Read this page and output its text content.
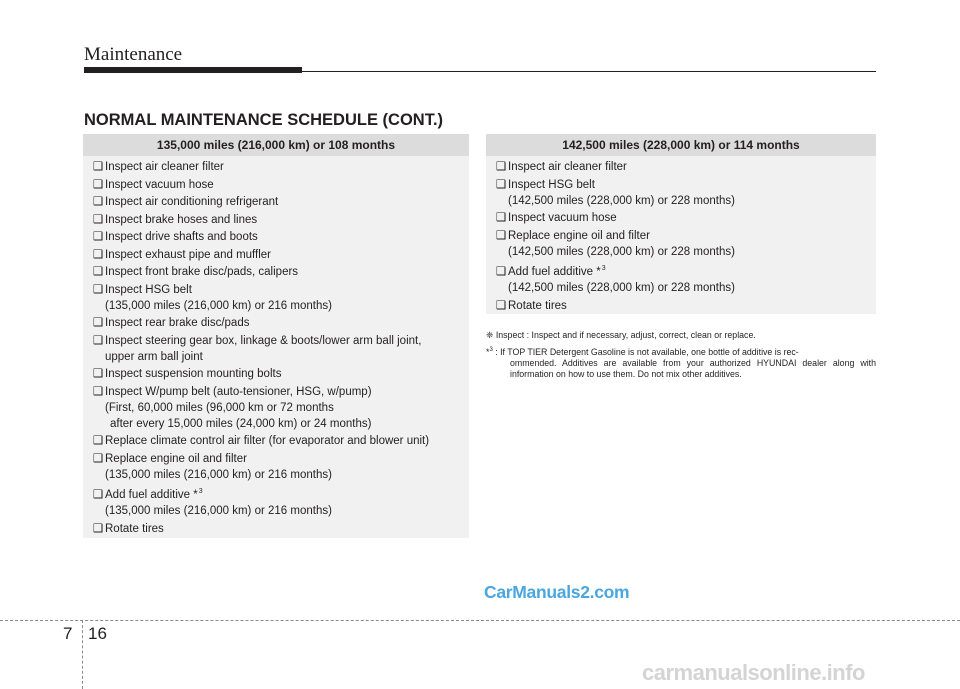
Maintenance
NORMAL MAINTENANCE SCHEDULE (CONT.)
135,000 miles (216,000 km) or 108 months
❑ Inspect air cleaner filter
❑ Inspect vacuum hose
❑ Inspect air conditioning refrigerant
❑ Inspect brake hoses and lines
❑ Inspect drive shafts and boots
❑ Inspect exhaust pipe and muffler
❑ Inspect front brake disc/pads, calipers
❑ Inspect HSG belt
(135,000 miles (216,000 km) or 216 months)
❑ Inspect rear brake disc/pads
❑ Inspect steering gear box, linkage & boots/lower arm ball joint,
upper arm ball joint
❑ Inspect suspension mounting bolts
❑ Inspect W/pump belt (auto-tensioner, HSG, w/pump)
(First, 60,000 miles (96,000 km or 72 months
after every 15,000 miles (24,000 km) or 24 months)
❑ Replace climate control air filter (for evaporator and blower unit)
❑ Replace engine oil and filter
(135,000 miles (216,000 km) or 216 months)
❑ Add fuel additive *$^3$
(135,000 miles (216,000 km) or 216 months)
❑ Rotate tires
142,500 miles (228,000 km) or 114 months
❑ Inspect air cleaner filter
❑ Inspect HSG belt
(142,500 miles (228,000 km) or 228 months)
❑ Inspect vacuum hose
❑ Replace engine oil and filter
(142,500 miles (228,000 km) or 228 months)
❑ Add fuel additive *$^3$
(142,500 miles (228,000 km) or 228 months)
❑ Rotate tires
❈ Inspect : Inspect and if necessary, adjust, correct, clean or replace.
*$^3$ : If TOP TIER Detergent Gasoline is not available, one bottle of additive is rec-
ommended. Additives are available from your authorized HYUNDAI dealer along with information on how to use them. Do not mix other additives.
CarManuals2.com
carmanualsonline.info
7 16
